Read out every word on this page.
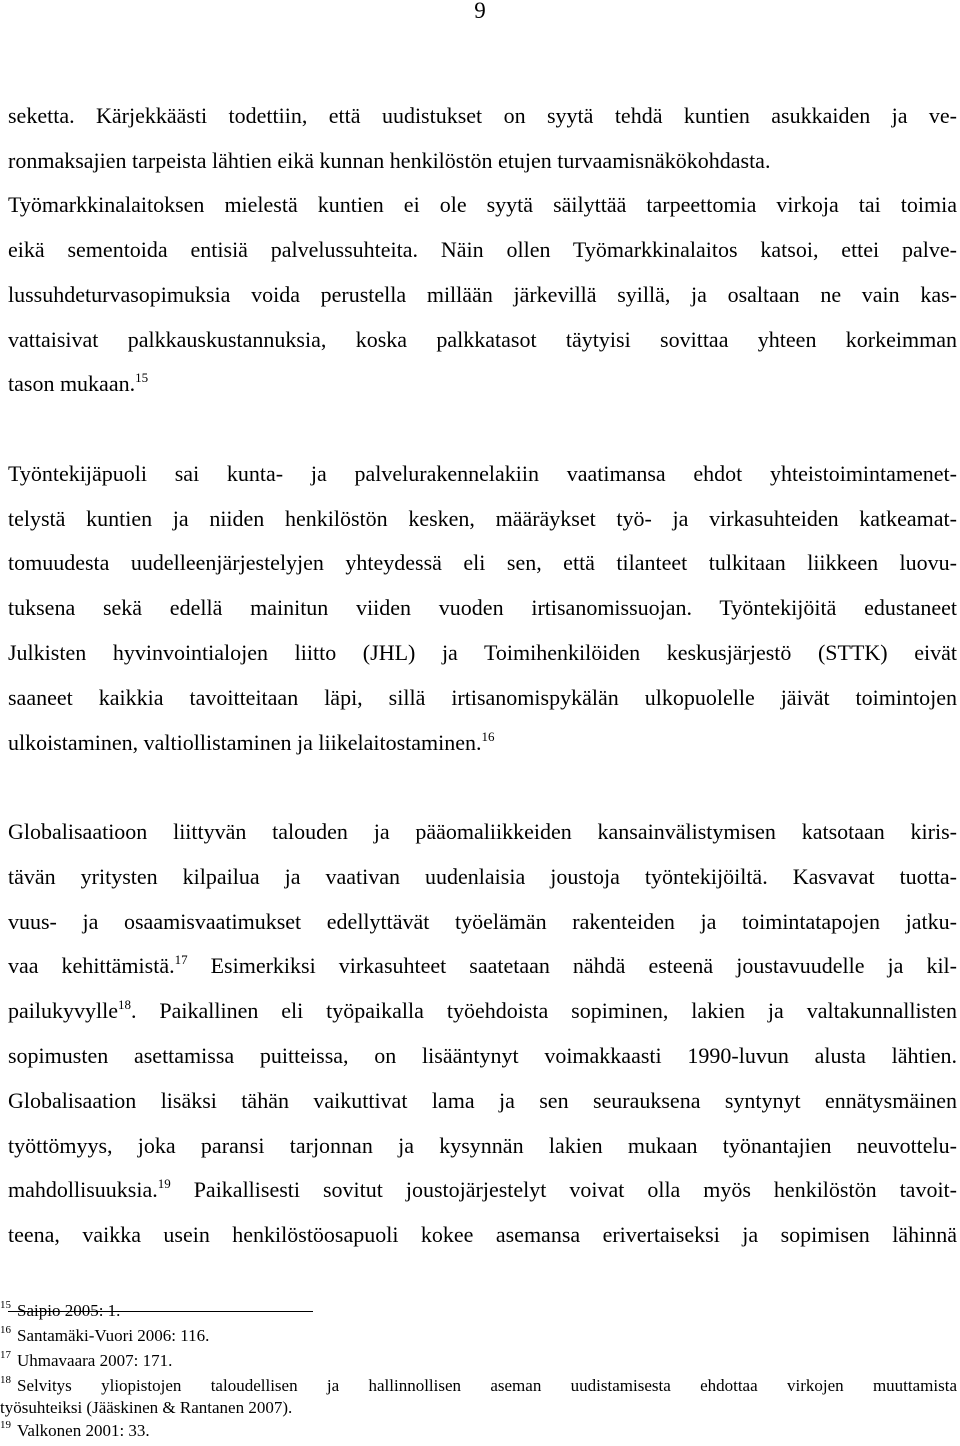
9
seketta. Kärjekkäästi todettiin, että uudistukset on syytä tehdä kuntien asukkaiden ja ve-
ronmaksajien tarpeista lähtien eikä kunnan henkilöstön etujen turvaamisnäkökohdasta.
Työmarkkinalaitoksen mielestä kuntien ei ole syytä säilyttää tarpeettomia virkoja tai toimia
eikä sementoida entisiä palvelussuhteita. Näin ollen Työmarkkinalaitos katsoi, ettei palve-
lussuhdeturvasopimuksia voida perustella millään järkevillä syillä, ja osaltaan ne vain kas-
vattaisivat palkkauskustannuksia, koska palkkatasot täytyisi sovittaa yhteen korkeimman
tason mukaan.$^{15}$
Työntekijäpuoli sai kunta- ja palvelurakennelakiin vaatimansa ehdot yhteistoimintamenet-
telystä kuntien ja niiden henkilöstön kesken, määräykset työ- ja virkasuhteiden katkeamat-
tomuudesta uudelleenjärjestelyjen yhteydessä eli sen, että tilanteet tulkitaan liikkeen luovu-
tuksena sekä edellä mainitun viiden vuoden irtisanomissuojan. Työntekijöitä edustaneet
Julkisten hyvinvointialojen liitto (JHL) ja Toimihenkilöiden keskusjärjestö (STTK) eivät
saaneet kaikkia tavoitteitaan läpi, sillä irtisanomispykälän ulkopuolelle jäivät toimintojen
ulkoistaminen, valtiollistaminen ja liikelaitostaminen.$^{16}$
Globalisaatioon liittyvän talouden ja pääomaliikkeiden kansainvälistymisen katsotaan kiris-
tävän yritysten kilpailua ja vaativan uudenlaisia joustoja työntekijöiltä. Kasvavat tuotta-
vuus- ja osaamisvaatimukset edellyttävät työelämän rakenteiden ja toimintatapojen jatku-
vaa kehittämistä.$^{17}$ Esimerkiksi virkasuhteet saatetaan nähdä esteenä joustavuudelle ja kil-
pailukyvylle$^{18}$. Paikallinen eli työpaikalla työehdoista sopiminen, lakien ja valtakunnallisten
sopimusten asettamissa puitteissa, on lisääntynyt voimakkaasti 1990-luvun alusta lähtien.
Globalisaation lisäksi tähän vaikuttivat lama ja sen seurauksena syntynyt ennätysmäinen
työttömyys, joka paransi tarjonnan ja kysynnän lakien mukaan työnantajien neuvottelu-
mahdollisuuksia.$^{19}$ Paikallisesti sovitut joustojärjestelyt voivat olla myös henkilöstön tavoit-
teena, vaikka usein henkilöstöosapuoli kokee asemansa erivertaiseksi ja sopimisen lähinnä
$^{15}$ Saipio 2005: 1.
$^{16}$ Santamäki-Vuori 2006: 116.
$^{17}$ Uhmavaara 2007: 171.
$^{18}$ Selvitys yliopistojen taloudellisen ja hallinnollisen aseman uudistamisesta ehdottaa virkojen muuttamista
työsuhteiksi (Jääskinen & Rantanen 2007).
$^{19}$ Valkonen 2001: 33.
